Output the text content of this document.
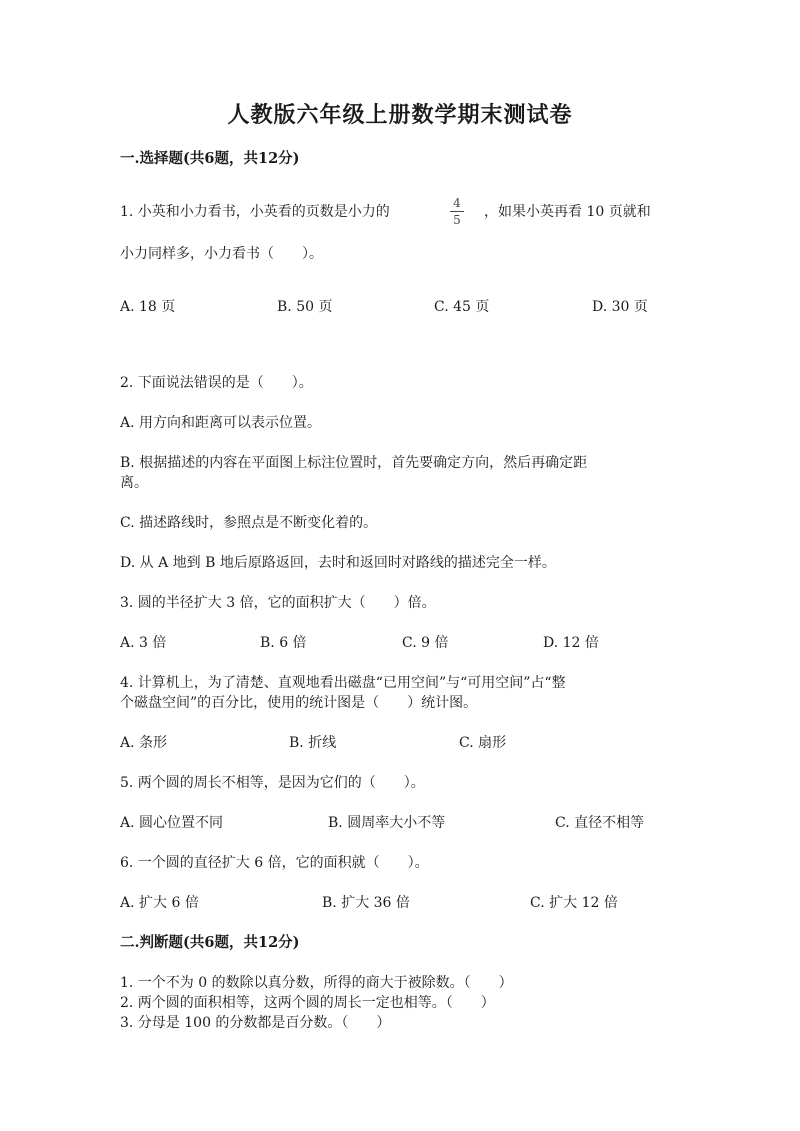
人教版六年级上册数学期末测试卷
一.选择题(共6题，共12分)
1. 小英和小力看书，小英看的页数是小力的
4
5 ，如果小英再看 10 页就和
小力同样多，小力看书（　　）。
A. 18 页	B. 50 页	C. 45 页	D. 30 页
2. 下面说法错误的是（　　）。
A. 用方向和距离可以表示位置。
B. 根据描述的内容在平面图上标注位置时，首先要确定方向，然后再确定距
离。
C. 描述路线时，参照点是不断变化着的。
D. 从 A 地到 B 地后原路返回，去时和返回时对路线的描述完全一样。
3. 圆的半径扩大 3 倍，它的面积扩大（　　）倍。
A. 3 倍	B. 6 倍	C. 9 倍	D. 12 倍
4. 计算机上，为了清楚、直观地看出磁盘“已用空间”与“可用空间”占“整
个磁盘空间”的百分比，使用的统计图是（　　）统计图。
A. 条形	B. 折线	C. 扇形
5. 两个圆的周长不相等，是因为它们的（　　）。
A. 圆心位置不同	B. 圆周率大小不等	C. 直径不相等
6. 一个圆的直径扩大 6 倍，它的面积就（　　）。
A. 扩大 6 倍	B. 扩大 36 倍	C. 扩大 12 倍
二.判断题(共6题，共12分)
1. 一个不为 0 的数除以真分数，所得的商大于被除数。（　　）
2. 两个圆的面积相等，这两个圆的周长一定也相等。（　　）
3. 分母是 100 的分数都是百分数。（　　）
